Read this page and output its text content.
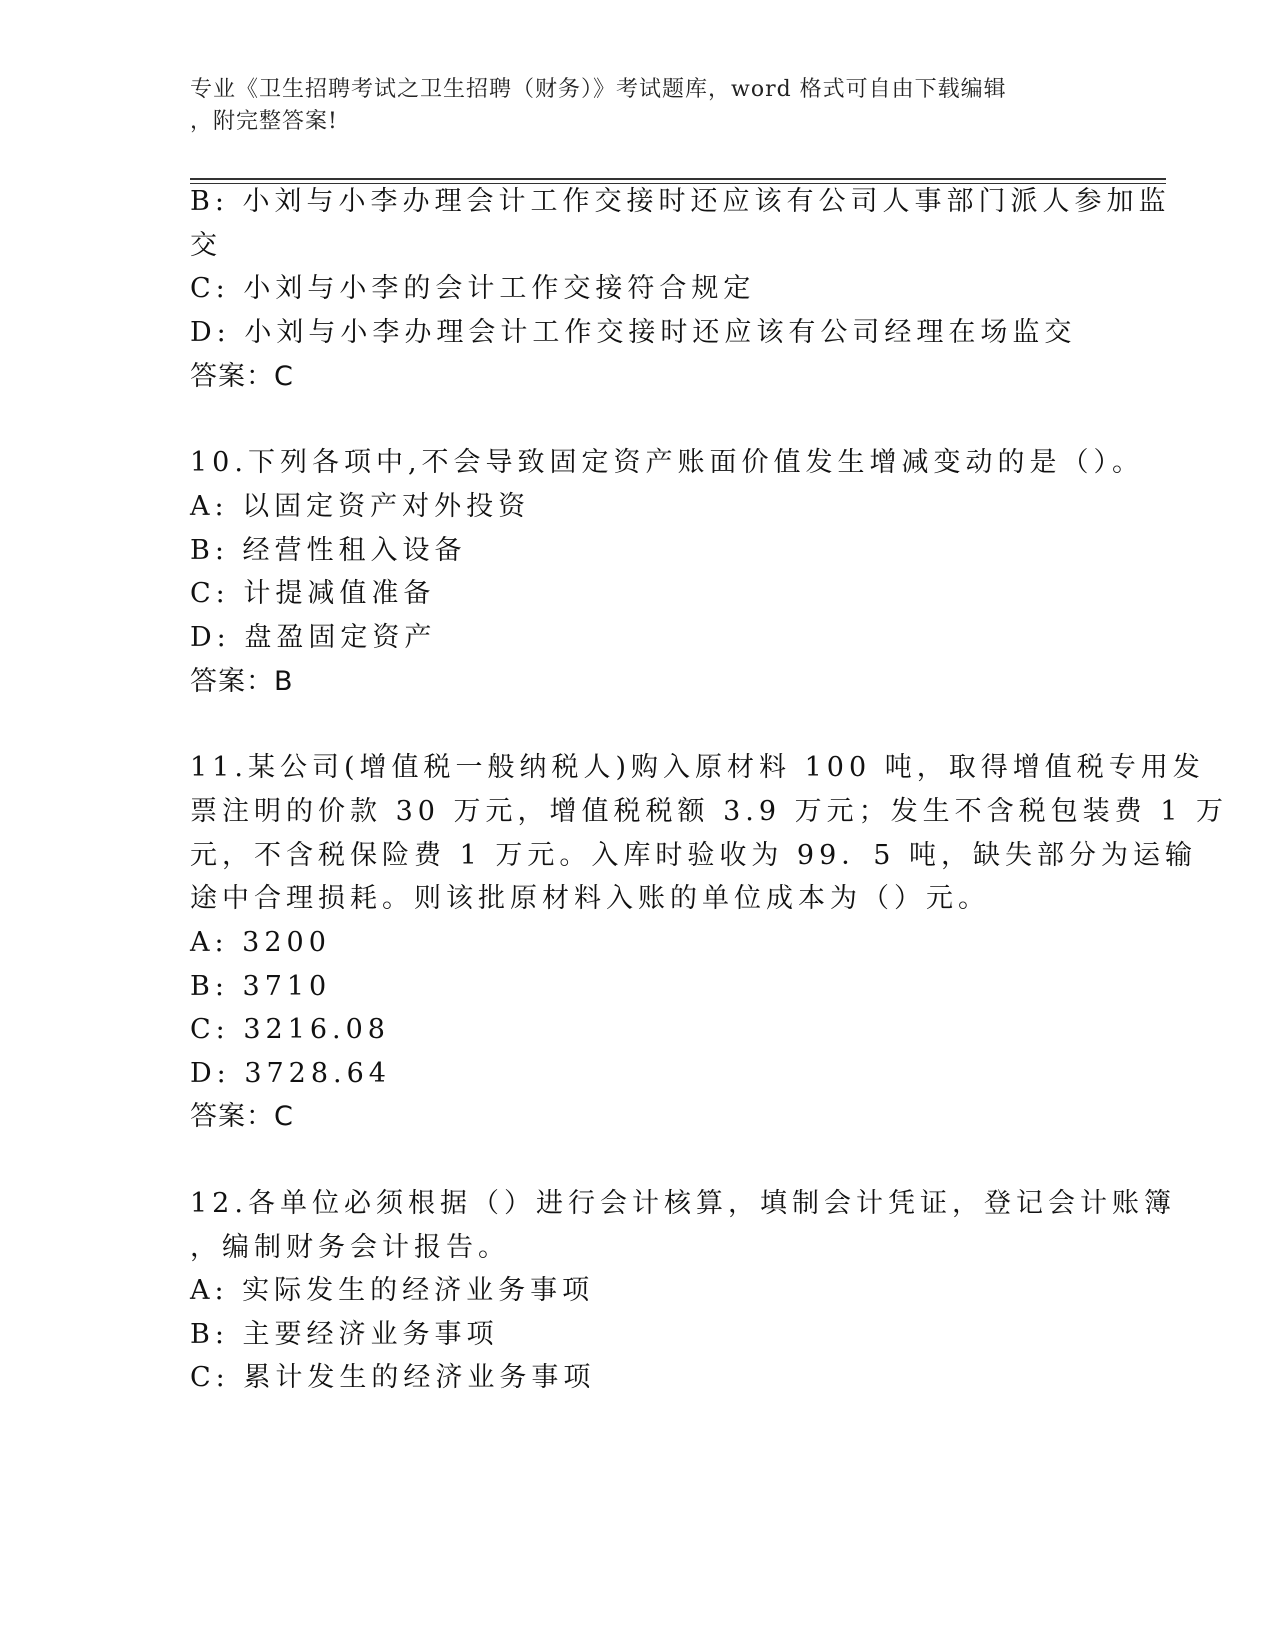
专业《卫生招聘考试之卫生招聘（财务）》考试题库，word 格式可自由下载编辑
，附完整答案!
B: 小刘与小李办理会计工作交接时还应该有公司人事部门派人参加监
交
C: 小刘与小李的会计工作交接符合规定
D: 小刘与小李办理会计工作交接时还应该有公司经理在场监交
答案：C
10.下列各项中,不会导致固定资产账面价值发生增减变动的是（）。
A: 以固定资产对外投资
B: 经营性租入设备
C: 计提减值准备
D: 盘盈固定资产
答案：B
11.某公司(增值税一般纳税人)购入原材料 100 吨，取得增值税专用发
票注明的价款 30 万元，增值税税额 3.9 万元；发生不含税包装费 1 万
元，不含税保险费 1 万元。入库时验收为 99．5 吨，缺失部分为运输
途中合理损耗。则该批原材料入账的单位成本为（）元。
A: 3200
B: 3710
C: 3216.08
D: 3728.64
答案：C
12.各单位必须根据（）进行会计核算，填制会计凭证，登记会计账簿
，编制财务会计报告。
A: 实际发生的经济业务事项
B: 主要经济业务事项
C: 累计发生的经济业务事项
